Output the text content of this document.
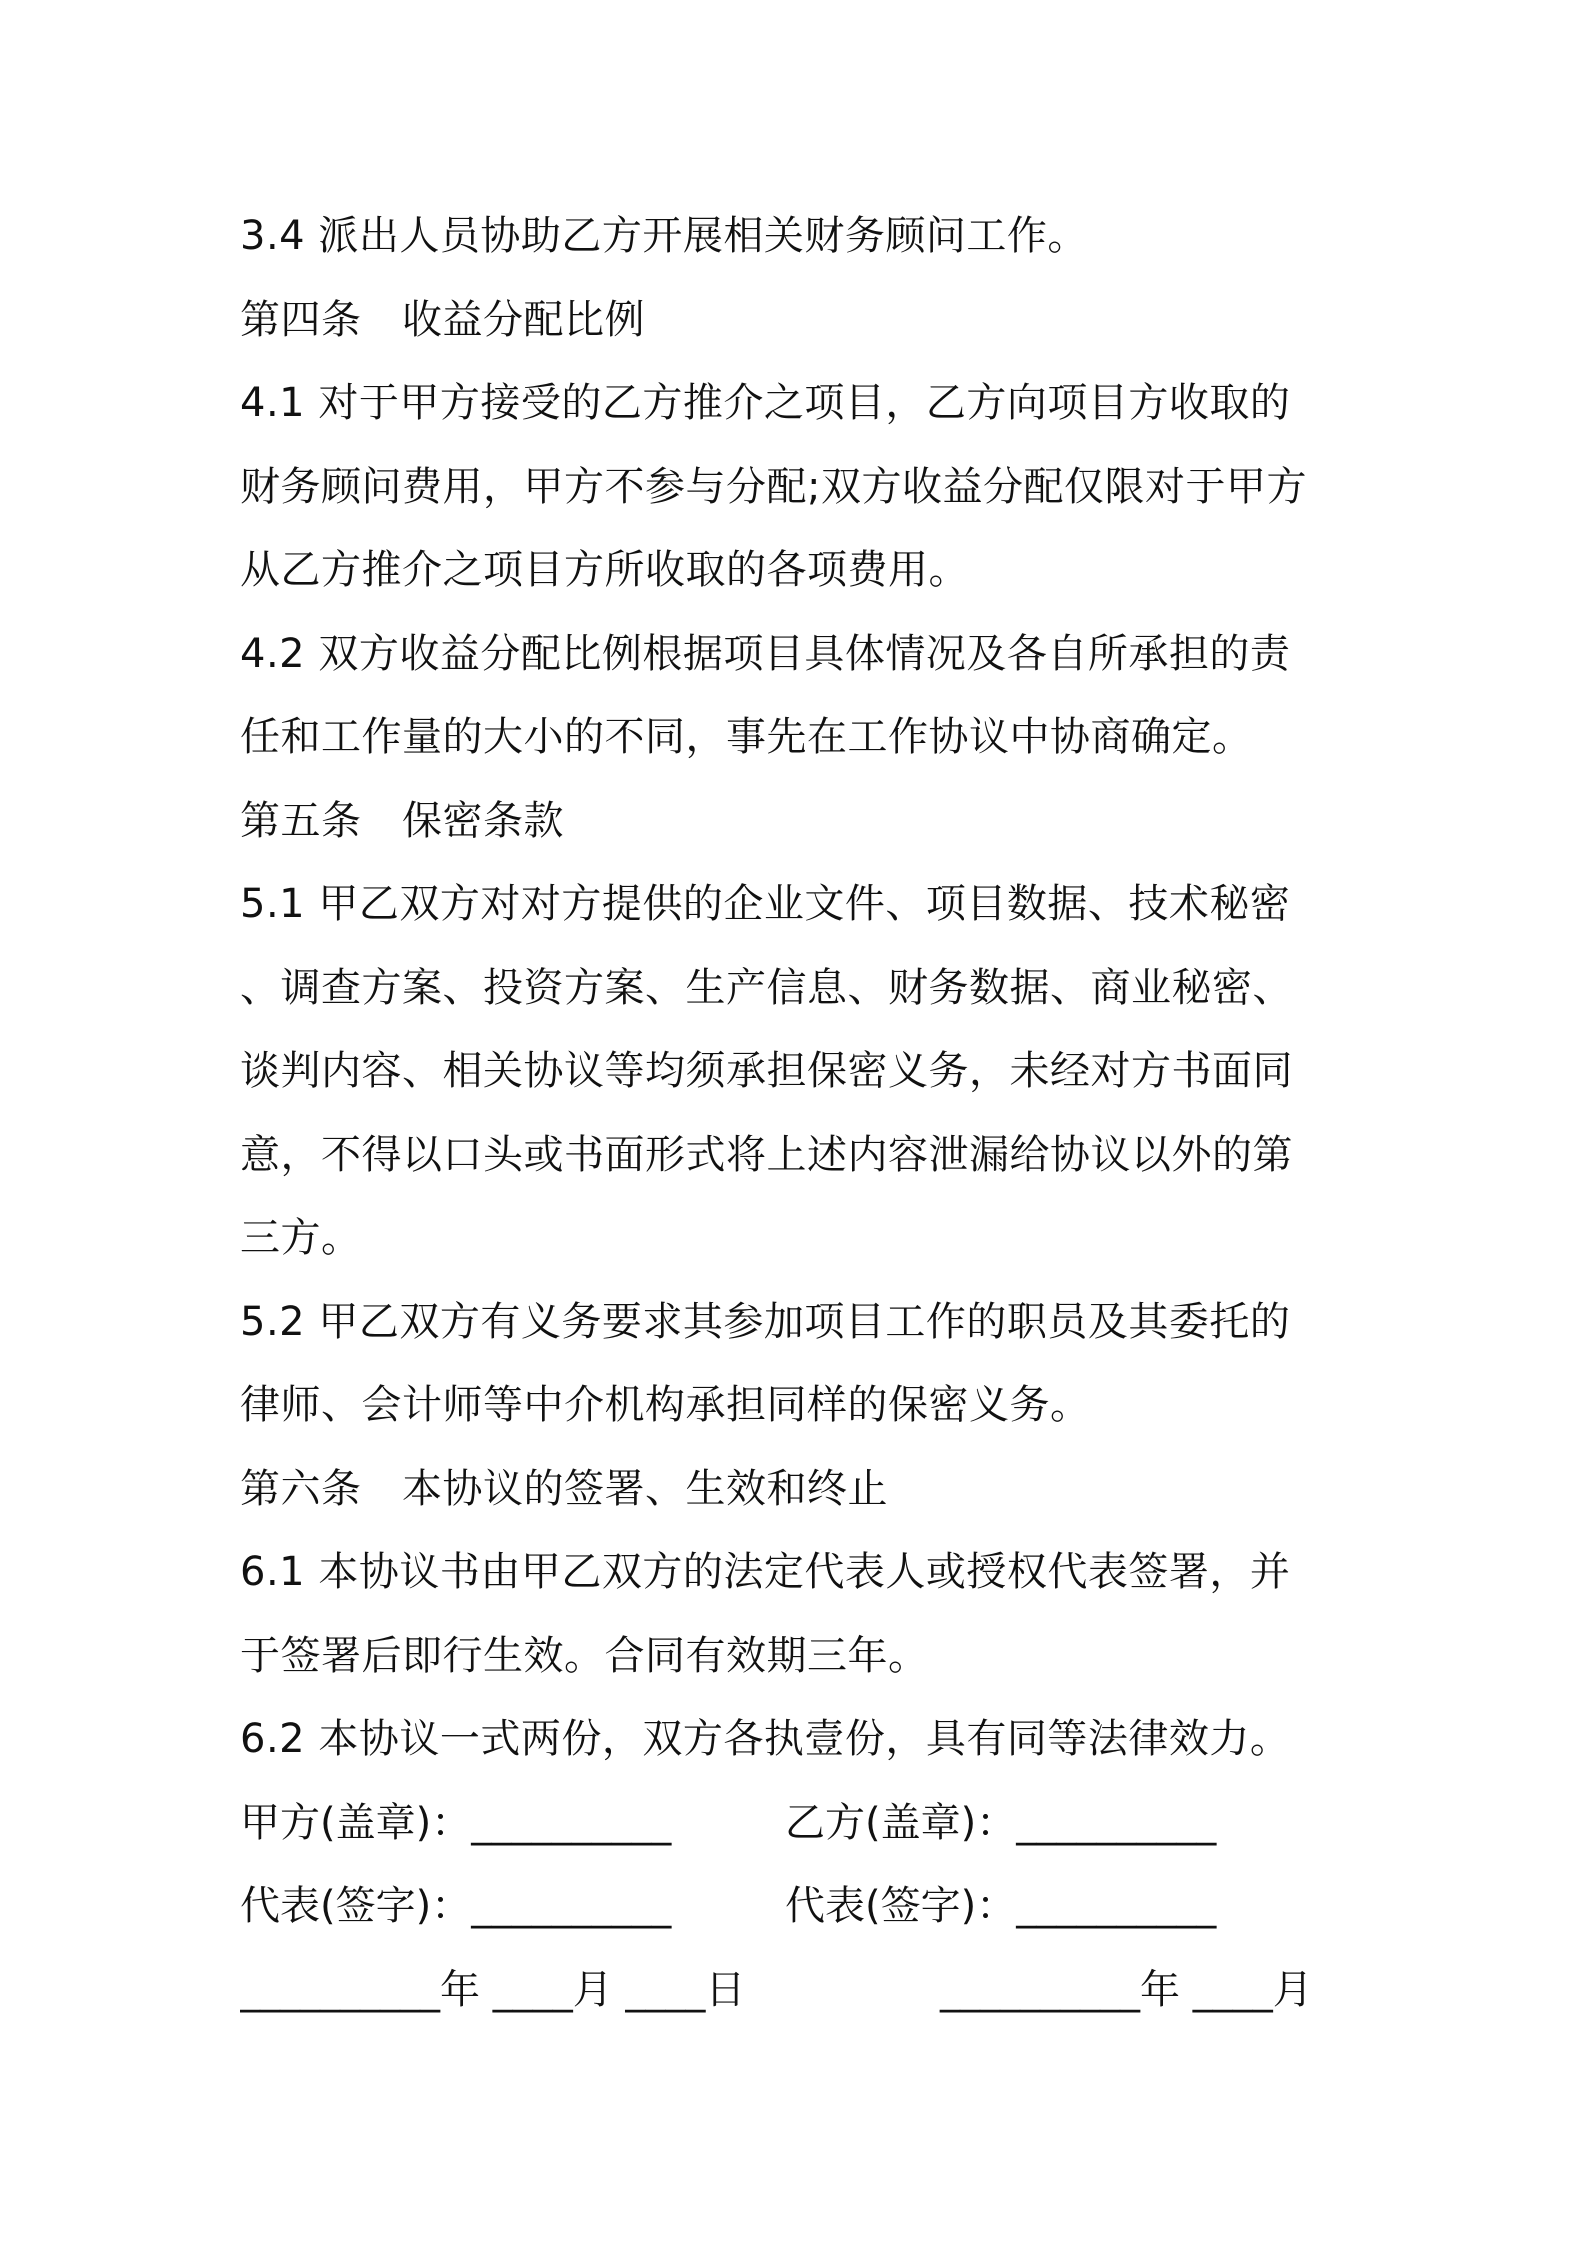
3.4 派出人员协助乙方开展相关财务顾问工作。
第四条　收益分配比例
4.1 对于甲方接受的乙方推介之项目，乙方向项目方收取的
财务顾问费用，甲方不参与分配;双方收益分配仅限对于甲方
从乙方推介之项目方所收取的各项费用。
4.2 双方收益分配比例根据项目具体情况及各自所承担的责
任和工作量的大小的不同，事先在工作协议中协商确定。
第五条　保密条款
5.1 甲乙双方对对方提供的企业文件、项目数据、技术秘密
、调查方案、投资方案、生产信息、财务数据、商业秘密、
谈判内容、相关协议等均须承担保密义务，未经对方书面同
意，不得以口头或书面形式将上述内容泄漏给协议以外的第
三方。
5.2 甲乙双方有义务要求其参加项目工作的职员及其委托的
律师、会计师等中介机构承担同样的保密义务。
第六条　本协议的签署、生效和终止
6.1 本协议书由甲乙双方的法定代表人或授权代表签署，并
于签署后即行生效。合同有效期三年。
6.2 本协议一式两份，双方各执壹份，具有同等法律效力。
甲方(盖章)：__________	乙方(盖章)：__________
代表(签字)：__________	代表(签字)：__________
__________年 ____月 ____日	__________年 ____月
